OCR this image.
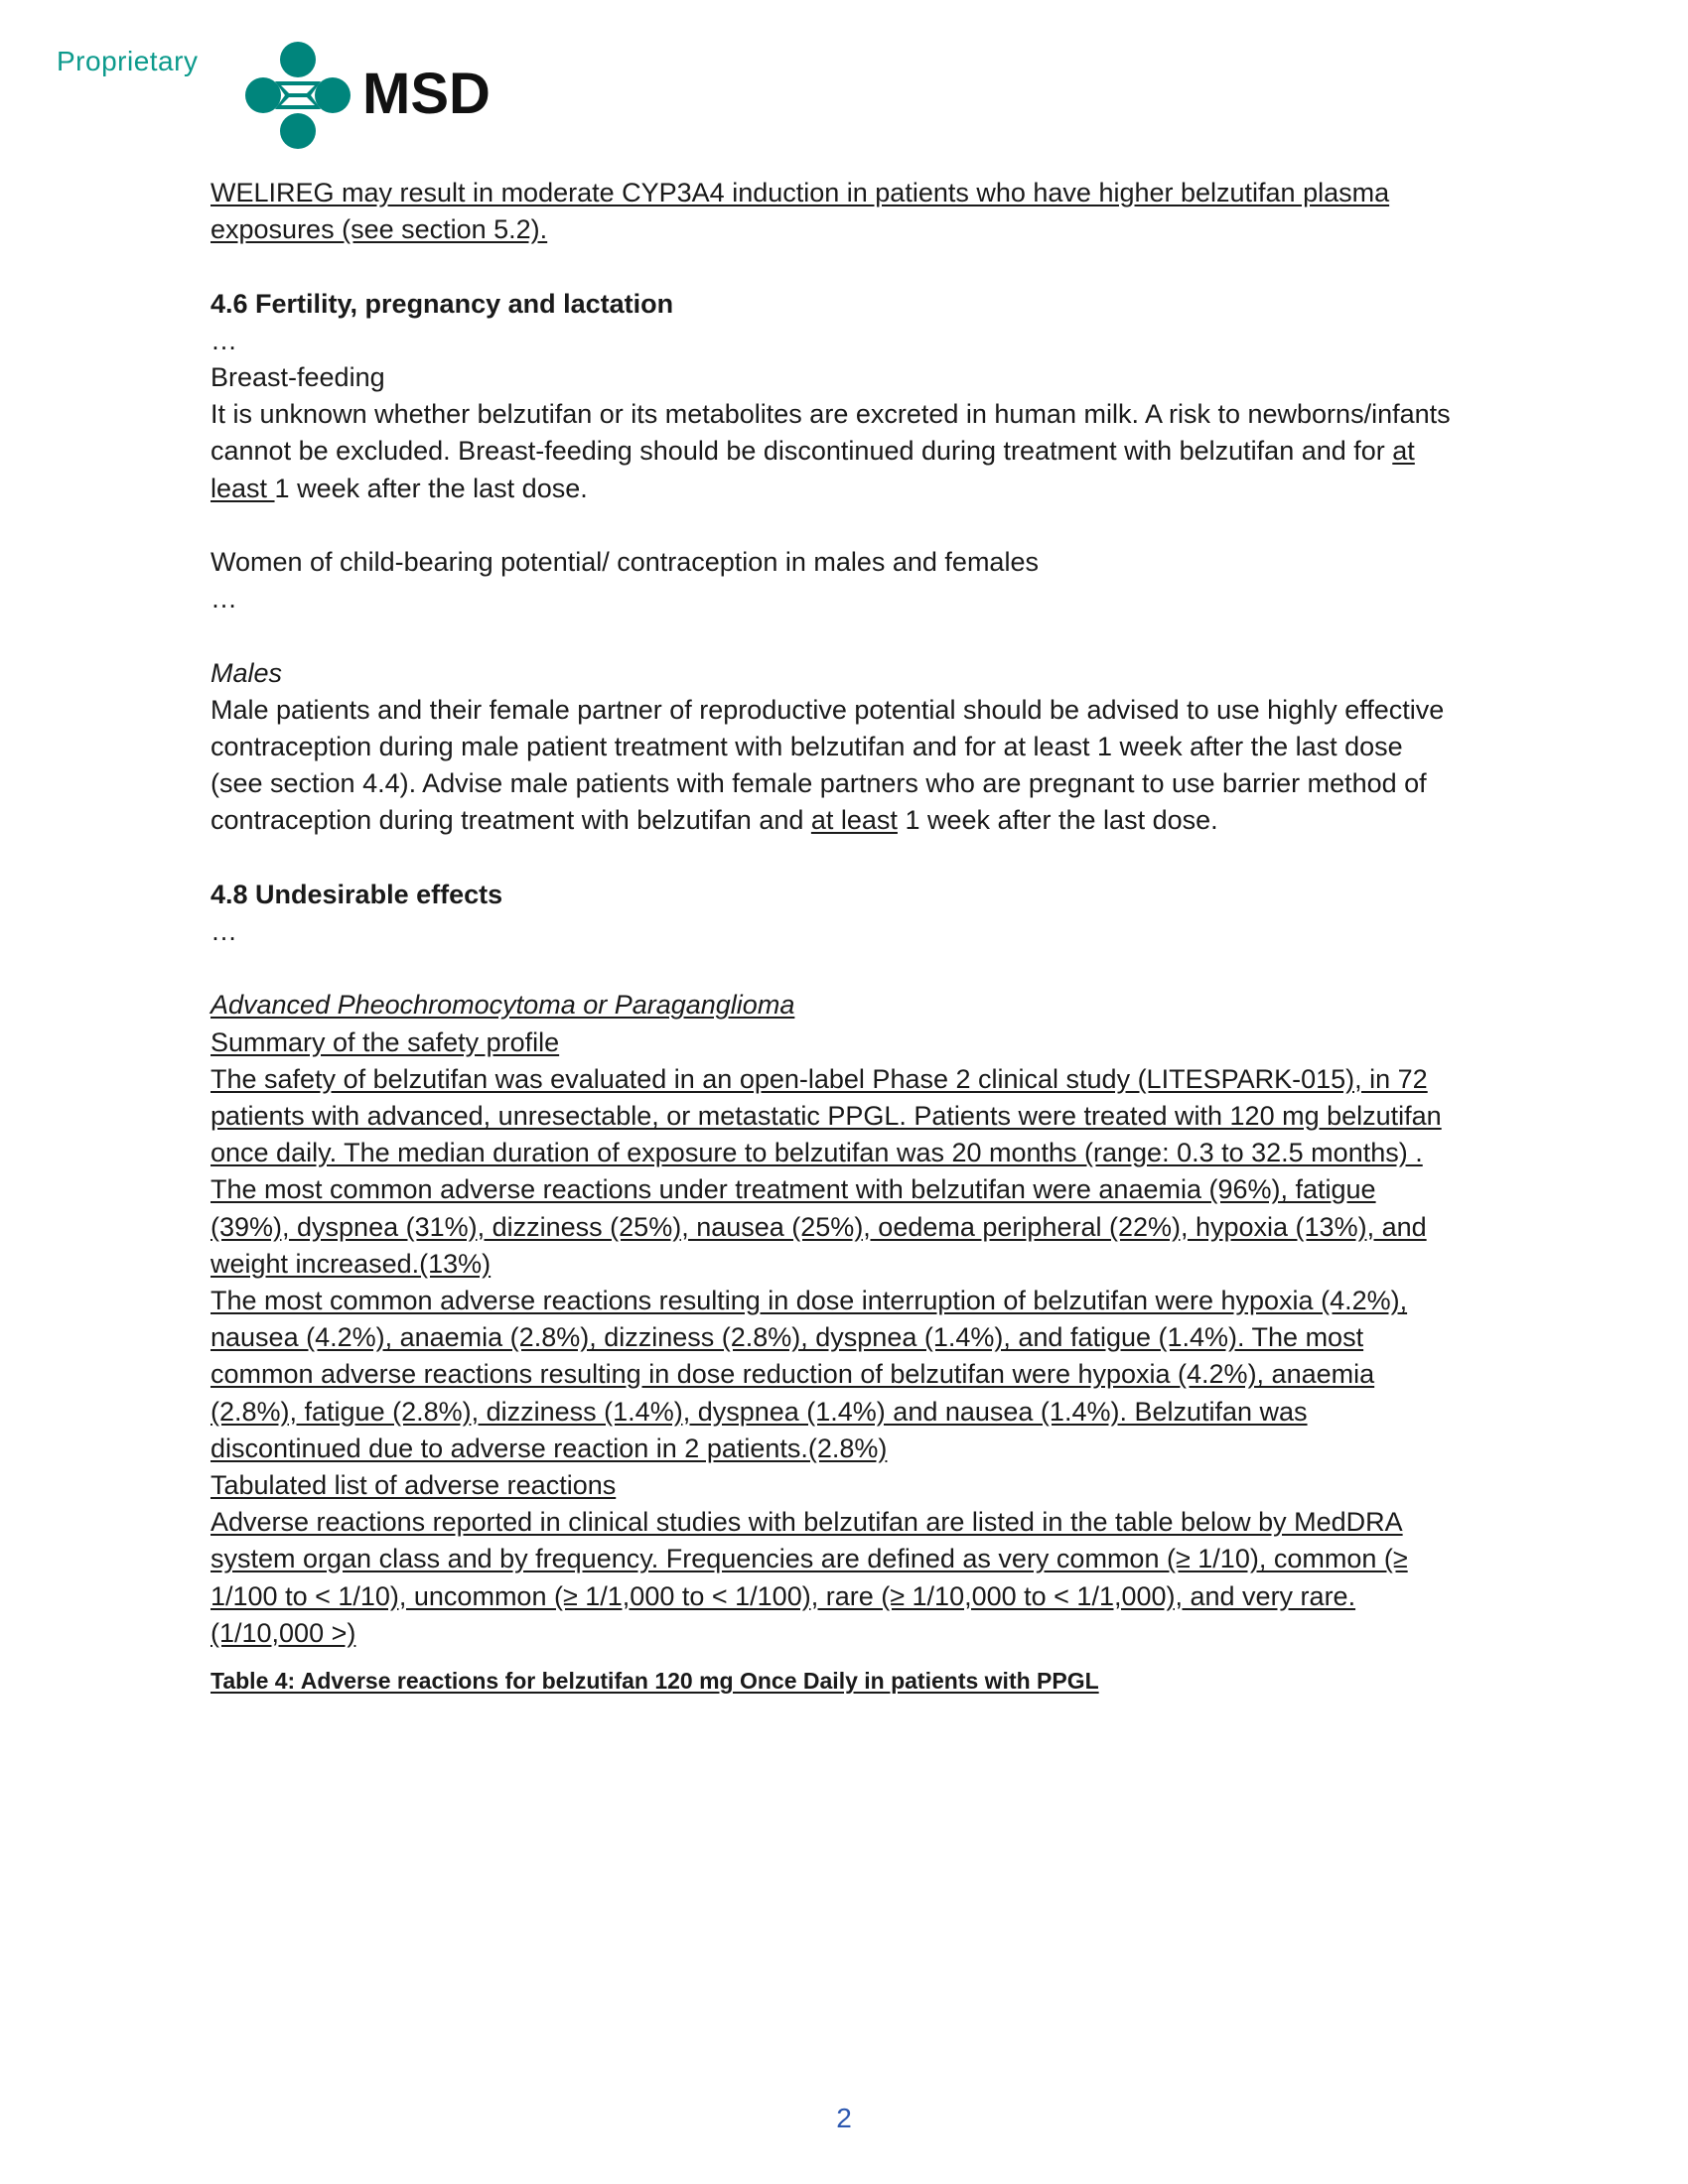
Proprietary
MSD

WELIREG may result in moderate CYP3A4 induction in patients who have higher belzutifan plasma exposures (see section 5.2).

4.6 Fertility, pregnancy and lactation

…

Breast-feeding

It is unknown whether belzutifan or its metabolites are excreted in human milk. A risk to newborns/infants cannot be excluded. Breast-feeding should be discontinued during treatment with belzutifan and for at least 1 week after the last dose.

Women of child-bearing potential/ contraception in males and females

…

Males

Male patients and their female partner of reproductive potential should be advised to use highly effective contraception during male patient treatment with belzutifan and for at least 1 week after the last dose (see section 4.4). Advise male patients with female partners who are pregnant to use barrier method of contraception during treatment with belzutifan and at least 1 week after the last dose.

4.8 Undesirable effects

…

Advanced Pheochromocytoma or Paraganglioma

Summary of the safety profile

The safety of belzutifan was evaluated in an open-label Phase 2 clinical study (LITESPARK-015), in 72 patients with advanced, unresectable, or metastatic PPGL. Patients were treated with 120 mg belzutifan once daily. The median duration of exposure to belzutifan was 20 months (range: 0.3 to 32.5 months) .

The most common adverse reactions under treatment with belzutifan were anaemia (96%), fatigue (39%), dyspnea (31%), dizziness (25%), nausea (25%), oedema peripheral (22%), hypoxia (13%), and weight increased.(13%)

The most common adverse reactions resulting in dose interruption of belzutifan were hypoxia (4.2%), nausea (4.2%), anaemia (2.8%), dizziness (2.8%), dyspnea (1.4%), and fatigue (1.4%). The most common adverse reactions resulting in dose reduction of belzutifan were hypoxia (4.2%), anaemia (2.8%), fatigue (2.8%), dizziness (1.4%), dyspnea (1.4%) and nausea (1.4%). Belzutifan was discontinued due to adverse reaction in 2 patients.(2.8%)

Tabulated list of adverse reactions

Adverse reactions reported in clinical studies with belzutifan are listed in the table below by MedDRA system organ class and by frequency. Frequencies are defined as very common (≥ 1/10), common (≥ 1/100 to < 1/10), uncommon (≥ 1/1,000 to < 1/100), rare (≥ 1/10,000 to < 1/1,000), and very rare.(1/10,000 >)

Table 4: Adverse reactions for belzutifan 120 mg Once Daily in patients with PPGL

2
